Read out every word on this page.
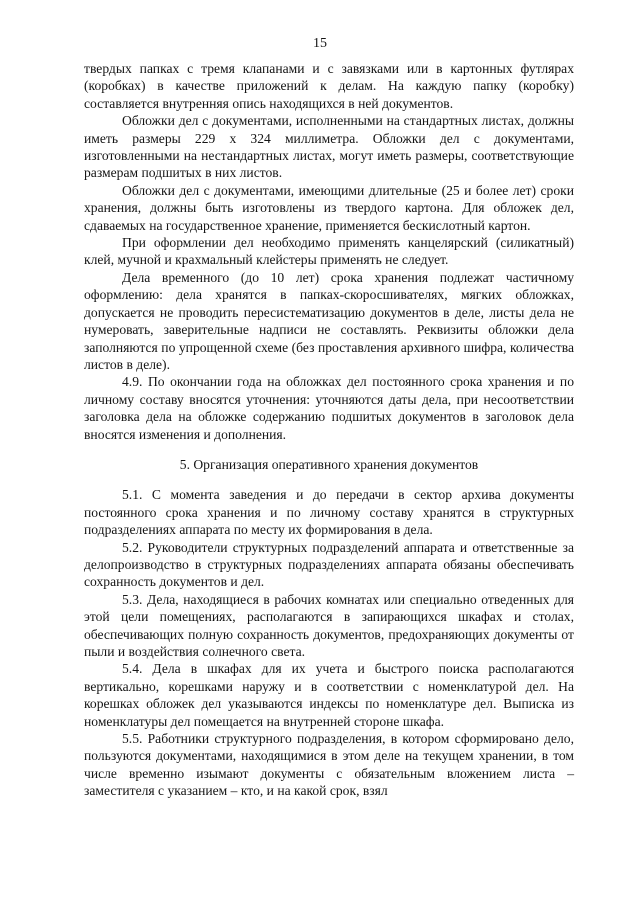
15

твердых папках с тремя клапанами и с завязками или в картонных футлярах (коробках) в качестве приложений к делам. На каждую папку (коробку) составляется внутренняя опись находящихся в ней документов.

Обложки дел с документами, исполненными на стандартных листах, должны иметь размеры 229 х 324 миллиметра. Обложки дел с документами, изготовленными на нестандартных листах, могут иметь размеры, соответствующие размерам подшитых в них листов.

Обложки дел с документами, имеющими длительные (25 и более лет) сроки хранения, должны быть изготовлены из твердого картона. Для обложек дел, сдаваемых на государственное хранение, применяется бескислотный картон.

При оформлении дел необходимо применять канцелярский (силикатный) клей, мучной и крахмальный клейстеры применять не следует.

Дела временного (до 10 лет) срока хранения подлежат частичному оформлению: дела хранятся в папках-скоросшивателях, мягких обложках, допускается не проводить пересистематизацию документов в деле, листы дела не нумеровать, заверительные надписи не составлять. Реквизиты обложки дела заполняются по упрощенной схеме (без проставления архивного шифра, количества листов в деле).

4.9. По окончании года на обложках дел постоянного срока хранения и по личному составу вносятся уточнения: уточняются даты дела, при несоответствии заголовка дела на обложке содержанию подшитых документов в заголовок дела вносятся изменения и дополнения.

5. Организация оперативного хранения документов

5.1. С момента заведения и до передачи в сектор архива документы постоянного срока хранения и по личному составу хранятся в структурных подразделениях аппарата по месту их формирования в дела.

5.2. Руководители структурных подразделений аппарата и ответственные за делопроизводство в структурных подразделениях аппарата обязаны обеспечивать сохранность документов и дел.

5.3. Дела, находящиеся в рабочих комнатах или специально отведенных для этой цели помещениях, располагаются в запирающихся шкафах и столах, обеспечивающих полную сохранность документов, предохраняющих документы от пыли и воздействия солнечного света.

5.4. Дела в шкафах для их учета и быстрого поиска располагаются вертикально, корешками наружу и в соответствии с номенклатурой дел. На корешках обложек дел указываются индексы по номенклатуре дел. Выписка из номенклатуры дел помещается на внутренней стороне шкафа.

5.5. Работники структурного подразделения, в котором сформировано дело, пользуются документами, находящимися в этом деле на текущем хранении, в том числе временно изымают документы с обязательным вложением листа – заместителя с указанием – кто, и на какой срок, взял
